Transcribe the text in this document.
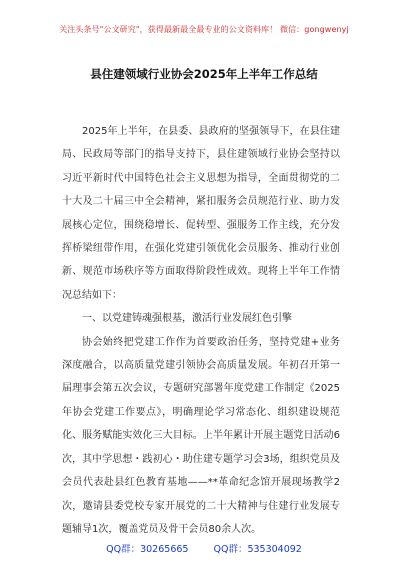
关注头条号"公文研究"，获得最新最全最专业的公文资料库！ 微信：gongwenyj
县住建领域行业协会2025年上半年工作总结

2025年上半年，在县委、县政府的坚强领导下，在县住建局、民政局等部门的指导支持下，县住建领域行业协会坚持以习近平新时代中国特色社会主义思想为指导，全面贯彻党的二十大及二十届三中全会精神，紧扣服务会员规范行业、助力发展核心定位，围绕稳增长、促转型、强服务工作主线，充分发挥桥梁纽带作用，在强化党建引领优化会员服务、推动行业创新、规范市场秩序等方面取得阶段性成效。现将上半年工作情况总结如下：

一、以党建铸魂强根基，激活行业发展红色引擎

协会始终把党建工作作为首要政治任务，坚持党建+业务深度融合，以高质量党建引领协会高质量发展。年初召开第一届理事会第五次会议，专题研究部署年度党建工作制定《2025年协会党建工作要点》，明确理论学习常态化、组织建设规范化、服务赋能实效化三大目标。上半年累计开展主题党日活动6次，其中学思想・践初心・助住建专题学习会3场，组织党员及会员代表赴县红色教育基地——**革命纪念馆开展现场教学2次，邀请县委党校专家开展党的二十大精神与住建行业发展专题辅导1次，覆盖党员及骨干会员80余人次。

QQ群：30265665	QQ群：535304092
